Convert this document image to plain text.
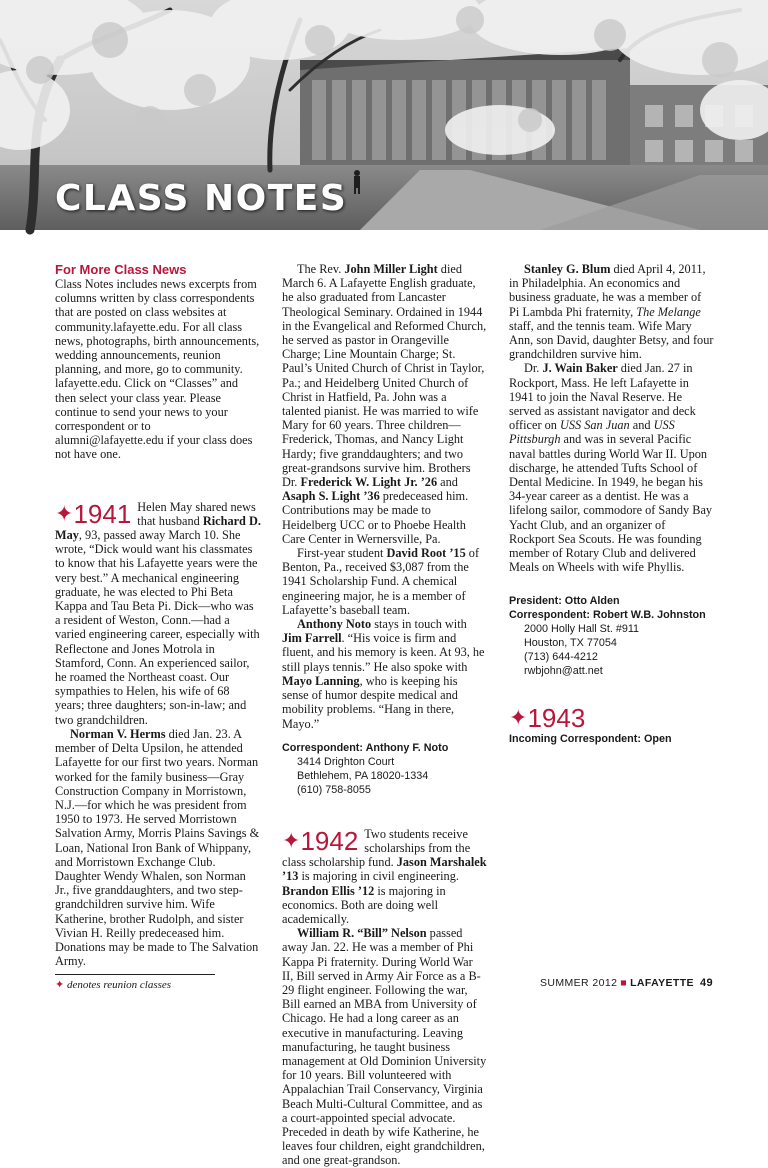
CLASS NOTES
For More Class News

Class Notes includes news excerpts from columns written by class correspondents that are posted on class websites at community.lafayette.edu. For all class news, photographs, birth announcements, wedding announcements, reunion planning, and more, go to community. lafayette.edu. Click on “Classes” and then select your class year. Please continue to send your news to your correspondent or to alumni@lafayette.edu if your class does not have one.

✦1941 Helen May shared news that husband Richard D. May, 93, passed away March 10. She wrote, “Dick would want his classmates to know that his Lafayette years were the very best.” A mechanical engineering graduate, he was elected to Phi Beta Kappa and Tau Beta Pi. Dick—who was a resident of Weston, Conn.—had a varied engineering career, especially with Reflectone and Jones Motrola in Stamford, Conn. An experienced sailor, he roamed the Northeast coast. Our sympathies to Helen, his wife of 68 years; three daughters; son-in-law; and two grandchildren.

Norman V. Herms died Jan. 23. A member of Delta Upsilon, he attended Lafayette for our first two years. Norman worked for the family business—Gray Construction Company in Morristown, N.J.—for which he was president from 1950 to 1973. He served Morristown Salvation Army, Morris Plains Savings & Loan, National Iron Bank of Whippany, and Morristown Exchange Club. Daughter Wendy Whalen, son Norman Jr., five granddaughters, and two step-grandchildren survive him. Wife Katherine, brother Rudolph, and sister Vivian H. Reilly predeceased him. Donations may be made to The Salvation Army.

The Rev. John Miller Light died March 6. A Lafayette English graduate, he also graduated from Lancaster Theological Seminary. Ordained in 1944 in the Evangelical and Reformed Church, he served as pastor in Orangeville Charge; Line Mountain Charge; St. Paul’s United Church of Christ in Taylor, Pa.; and Heidelberg United Church of Christ in Hatfield, Pa. John was a talented pianist. He was married to wife Mary for 60 years. Three children—Frederick, Thomas, and Nancy Light Hardy; five granddaughters; and two great-grandsons survive him. Brothers Dr. Frederick W. Light Jr. ’26 and Asaph S. Light ’36 predeceased him. Contributions may be made to Heidelberg UCC or to Phoebe Health Care Center in Wernersville, Pa.

First-year student David Root ’15 of Benton, Pa., received $3,087 from the 1941 Scholarship Fund. A chemical engineering major, he is a member of Lafayette’s baseball team.

Anthony Noto stays in touch with Jim Farrell. “His voice is firm and fluent, and his memory is keen. At 93, he still plays tennis.” He also spoke with Mayo Lanning, who is keeping his sense of humor despite medical and mobility problems. “Hang in there, Mayo.”

Correspondent: Anthony F. Noto
3414 Drighton Court
Bethlehem, PA 18020-1334
(610) 758-8055
✦1942 Two students receive scholarships from the class scholarship fund. Jason Marshalek ’13 is majoring in civil engineering. Brandon Ellis ’12 is majoring in economics. Both are doing well academically.

William R. “Bill” Nelson passed away Jan. 22. He was a member of Phi Kappa Pi fraternity. During World War II, Bill served in Army Air Force as a B-29 flight engineer. Following the war, Bill earned an MBA from University of Chicago. He had a long career as an executive in manufacturing. Leaving manufacturing, he taught business management at Old Dominion University for 10 years. Bill volunteered with Appalachian Trail Conservancy, Virginia Beach Multi-Cultural Committee, and as a court-appointed special advocate. Preceded in death by wife Katherine, he leaves four children, eight grandchildren, and one great-grandson.

Stanley G. Blum died April 4, 2011, in Philadelphia. An economics and business graduate, he was a member of Pi Lambda Phi fraternity, The Melange staff, and the tennis team. Wife Mary Ann, son David, daughter Betsy, and four grandchildren survive him.

Dr. J. Wain Baker died Jan. 27 in Rockport, Mass. He left Lafayette in 1941 to join the Naval Reserve. He served as assistant navigator and deck officer on USS San Juan and USS Pittsburgh and was in several Pacific naval battles during World War II. Upon discharge, he attended Tufts School of Dental Medicine. In 1949, he began his 34-year career as a dentist. He was a lifelong sailor, commodore of Sandy Bay Yacht Club, and an organizer of Rockport Sea Scouts. He was founding member of Rotary Club and delivered Meals on Wheels with wife Phyllis.

President: Otto Alden
Correspondent: Robert W.B. Johnston
2000 Holly Hall St. #911
Houston, TX 77054
(713) 644-4212
rwbjohn@att.net
✦1943
Incoming Correspondent: Open
✦ denotes reunion classes	SUMMER 2012 ■ LAFAYETTE 49
